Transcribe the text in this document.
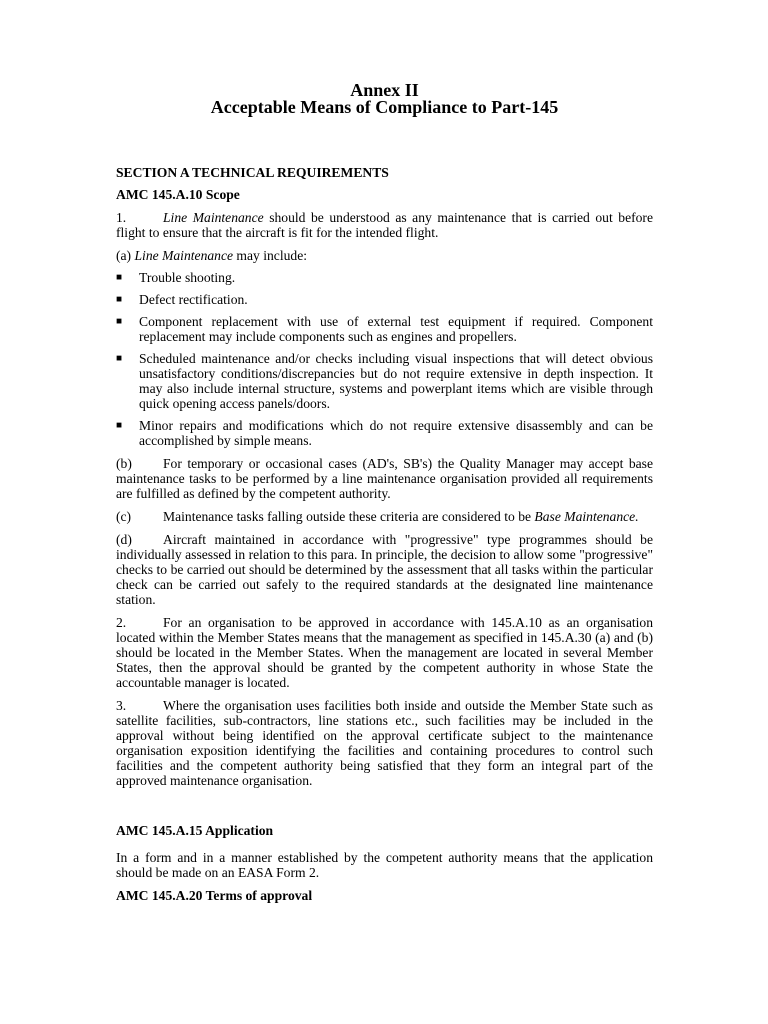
Annex II

Acceptable Means of Compliance to Part-145

SECTION A TECHNICAL REQUIREMENTS

AMC 145.A.10 Scope

1.	Line Maintenance should be understood as any maintenance that is carried out before flight to ensure that the aircraft is fit for the intended flight.

(a) Line Maintenance may include:

■ Trouble shooting.
■ Defect rectification.
■ Component replacement with use of external test equipment if required. Component replacement may include components such as engines and propellers.
■ Scheduled maintenance and/or checks including visual inspections that will detect obvious unsatisfactory conditions/discrepancies but do not require extensive in depth inspection. It may also include internal structure, systems and powerplant items which are visible through quick opening access panels/doors.
■ Minor repairs and modifications which do not require extensive disassembly and can be accomplished by simple means.

(b) For temporary or occasional cases (AD's, SB's) the Quality Manager may accept base maintenance tasks to be performed by a line maintenance organisation provided all requirements are fulfilled as defined by the competent authority.

(c) Maintenance tasks falling outside these criteria are considered to be Base Maintenance.

(d) Aircraft maintained in accordance with "progressive" type programmes should be individually assessed in relation to this para. In principle, the decision to allow some "progressive" checks to be carried out should be determined by the assessment that all tasks within the particular check can be carried out safely to the required standards at the designated line maintenance station.

2.	For an organisation to be approved in accordance with 145.A.10 as an organisation located within the Member States means that the management as specified in 145.A.30 (a) and (b) should be located in the Member States. When the management are located in several Member States, then the approval should be granted by the competent authority in whose State the accountable manager is located.

3.	Where the organisation uses facilities both inside and outside the Member State such as satellite facilities, sub-contractors, line stations etc., such facilities may be included in the approval without being identified on the approval certificate subject to the maintenance organisation exposition identifying the facilities and containing procedures to control such facilities and the competent authority being satisfied that they form an integral part of the approved maintenance organisation.

AMC 145.A.15 Application

In a form and in a manner established by the competent authority means that the application should be made on an EASA Form 2.

AMC 145.A.20 Terms of approval
